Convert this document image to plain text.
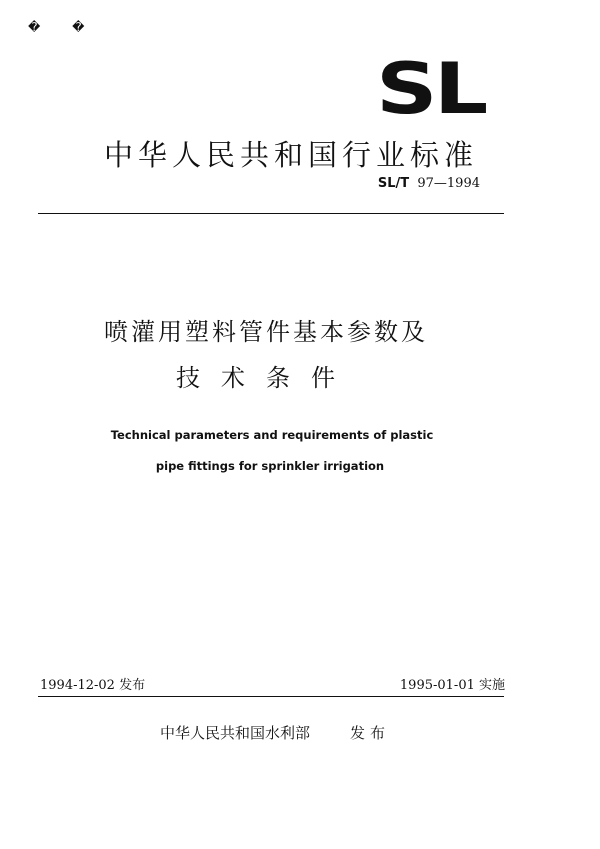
� �
SL
中华人民共和国行业标准
SL/T 97—1994
喷灌用塑料管件基本参数及
技术条件
Technical parameters and requirements of plastic
pipe fittings for sprinkler irrigation
1994-12-02 发布	1995-01-01 实施
中华人民共和国水利部	发布
